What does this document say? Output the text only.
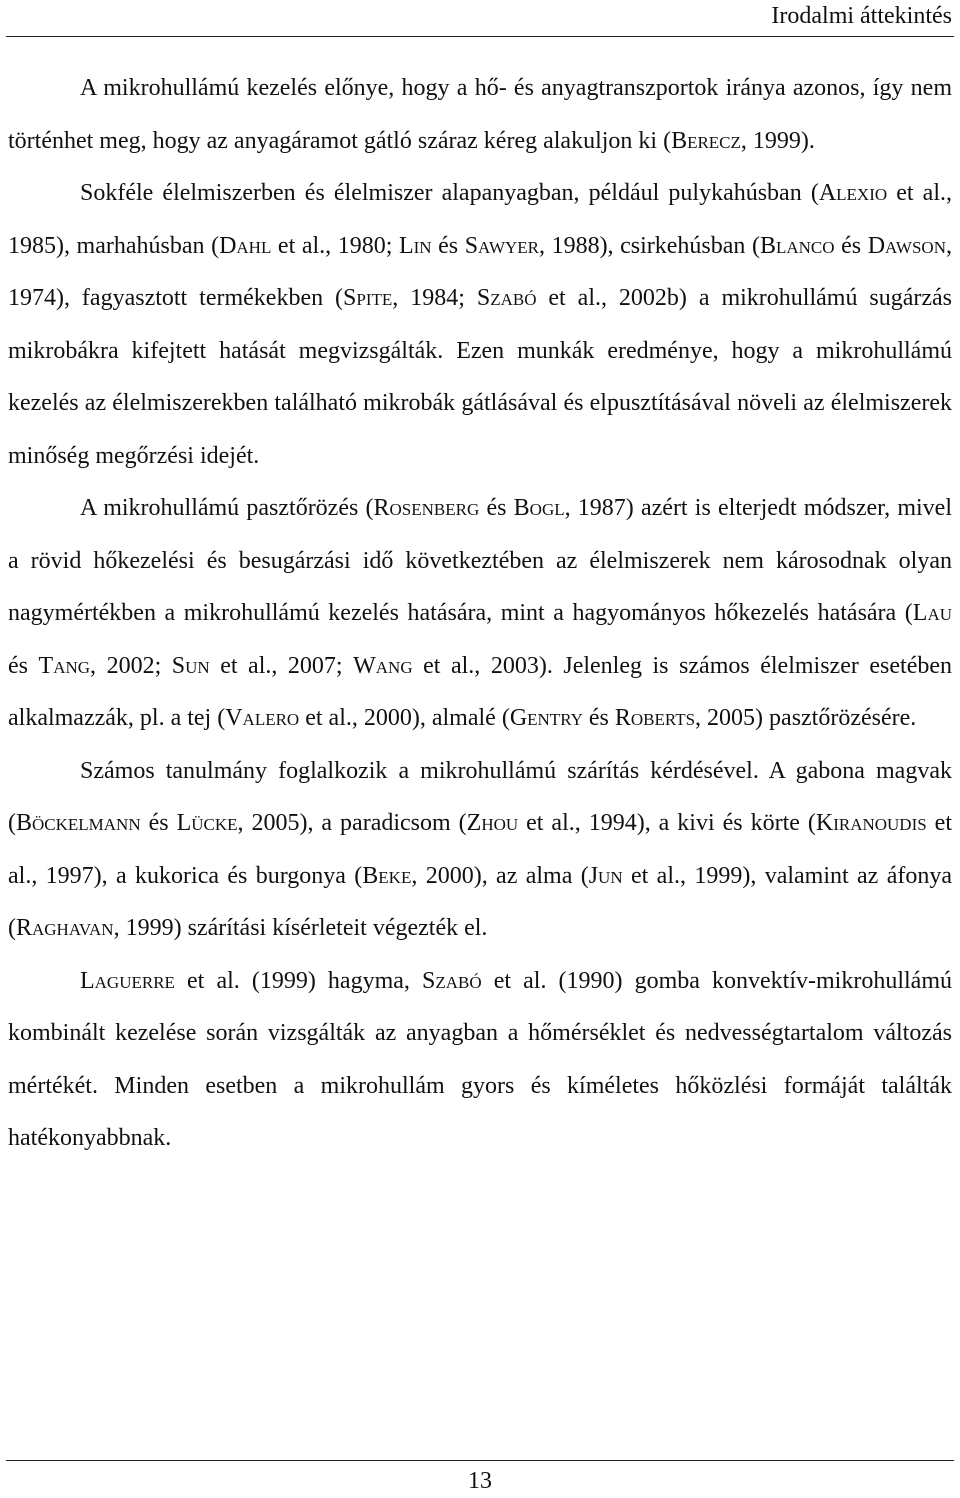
Irodalmi áttekintés

A mikrohullámú kezelés előnye, hogy a hő- és anyagtranszportok iránya azonos, így nem történhet meg, hogy az anyagáramot gátló száraz kéreg alakuljon ki (Berecz, 1999).

Sokféle élelmiszerben és élelmiszer alapanyagban, például pulykahúsban (Alexio et al., 1985), marhahúsban (Dahl et al., 1980; Lin és Sawyer, 1988), csirkehúsban (Blanco és Dawson, 1974), fagyasztott termékekben (Spite, 1984; Szabó et al., 2002b) a mikrohullámú sugárzás mikrobákra kifejtett hatását megvizsgálták. Ezen munkák eredménye, hogy a mikrohullámú kezelés az élelmiszerekben található mikrobák gátlásával és elpusztításával növeli az élelmiszerek minőség megőrzési idejét.

A mikrohullámú pasztőrözés (Rosenberg és Bogl, 1987) azért is elterjedt módszer, mivel a rövid hőkezelési és besugárzási idő következtében az élelmiszerek nem károsodnak olyan nagymértékben a mikrohullámú kezelés hatására, mint a hagyományos hőkezelés hatására (Lau és Tang, 2002; Sun et al., 2007; Wang et al., 2003). Jelenleg is számos élelmiszer esetében alkalmazzák, pl. a tej (Valero et al., 2000), almalé (Gentry és Roberts, 2005) pasztőrözésére.

Számos tanulmány foglalkozik a mikrohullámú szárítás kérdésével. A gabona magvak (Böckelmann és Lücke, 2005), a paradicsom (Zhou et al., 1994), a kivi és körte (Kiranoudis et al., 1997), a kukorica és burgonya (Beke, 2000), az alma (Jun et al., 1999), valamint az áfonya (Raghavan, 1999) szárítási kísérleteit végezték el.

Laguerre et al. (1999) hagyma, Szabó et al. (1990) gomba konvektív-mikrohullámú kombinált kezelése során vizsgálták az anyagban a hőmérséklet és nedvességtartalom változás mértékét. Minden esetben a mikrohullám gyors és kíméletes hőközlési formáját találták hatékonyabbnak.

13
